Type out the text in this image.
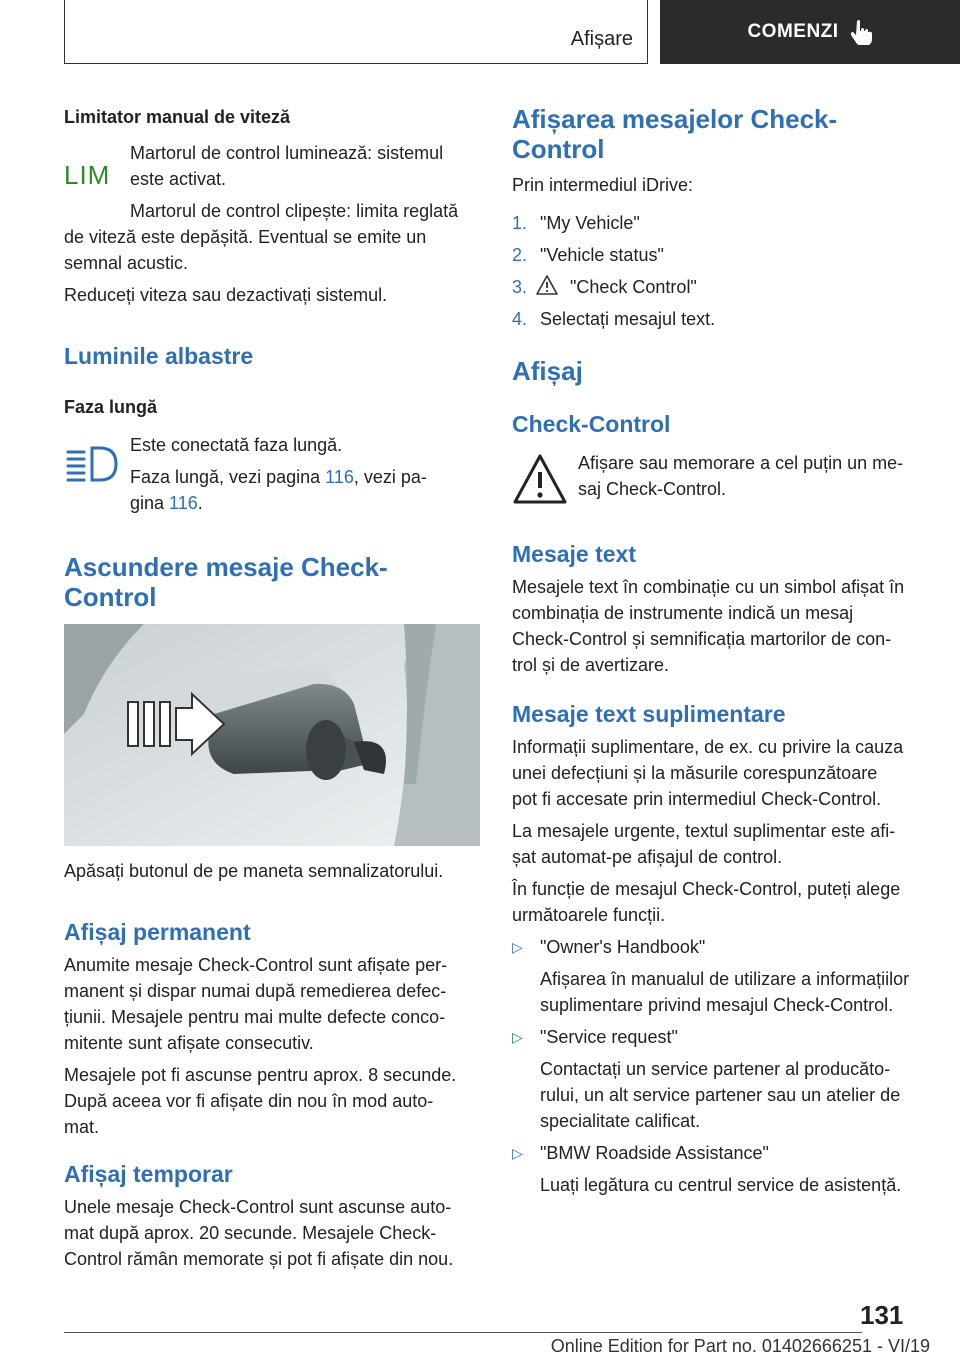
Afișare	COMENZI
Limitator manual de viteză
LIM
Martorul de control luminează: sistemul
este activat.
Martorul de control clipește: limita reglată
de viteză este depășită. Eventual se emite un
semnal acustic.
Reduceți viteza sau dezactivați sistemul.
Luminile albastre
Faza lungă
Este conectată faza lungă.
Faza lungă, vezi pagina 116, vezi pa-
gina 116.
Ascundere mesaje Check-
Control
Apăsați butonul de pe maneta semnalizatorului.
Afișaj permanent
Anumite mesaje Check-Control sunt afișate per-
manent și dispar numai după remedierea defec-
țiunii. Mesajele pentru mai multe defecte conco-
mitente sunt afișate consecutiv.
Mesajele pot fi ascunse pentru aprox. 8 secunde.
După aceea vor fi afișate din nou în mod auto-
mat.
Afișaj temporar
Unele mesaje Check-Control sunt ascunse auto-
mat după aprox. 20 secunde. Mesajele Check-
Control rămân memorate și pot fi afișate din nou.
Afișarea mesajelor Check-
Control
Prin intermediul iDrive:
1. "My Vehicle"
2. "Vehicle status"
3. "Check Control"
4. Selectați mesajul text.
Afișaj
Check-Control
Afișare sau memorare a cel puțin un me-
saj Check-Control.
Mesaje text
Mesajele text în combinație cu un simbol afișat în
combinația de instrumente indică un mesaj
Check-Control și semnificația martorilor de con-
trol și de avertizare.
Mesaje text suplimentare
Informații suplimentare, de ex. cu privire la cauza
unei defecțiuni și la măsurile corespunzătoare
pot fi accesate prin intermediul Check-Control.
La mesajele urgente, textul suplimentar este afi-
șat automat-pe afișajul de control.
În funcție de mesajul Check-Control, puteți alege
următoarele funcții.
▷ "Owner's Handbook"
Afișarea în manualul de utilizare a informațiilor
suplimentare privind mesajul Check-Control.
▷ "Service request"
Contactați un service partener al producăto-
rului, un alt service partener sau un atelier de
specialitate calificat.
▷ "BMW Roadside Assistance"
Luați legătura cu centrul service de asistență.
131
Online Edition for Part no. 01402666251 - VI/19
